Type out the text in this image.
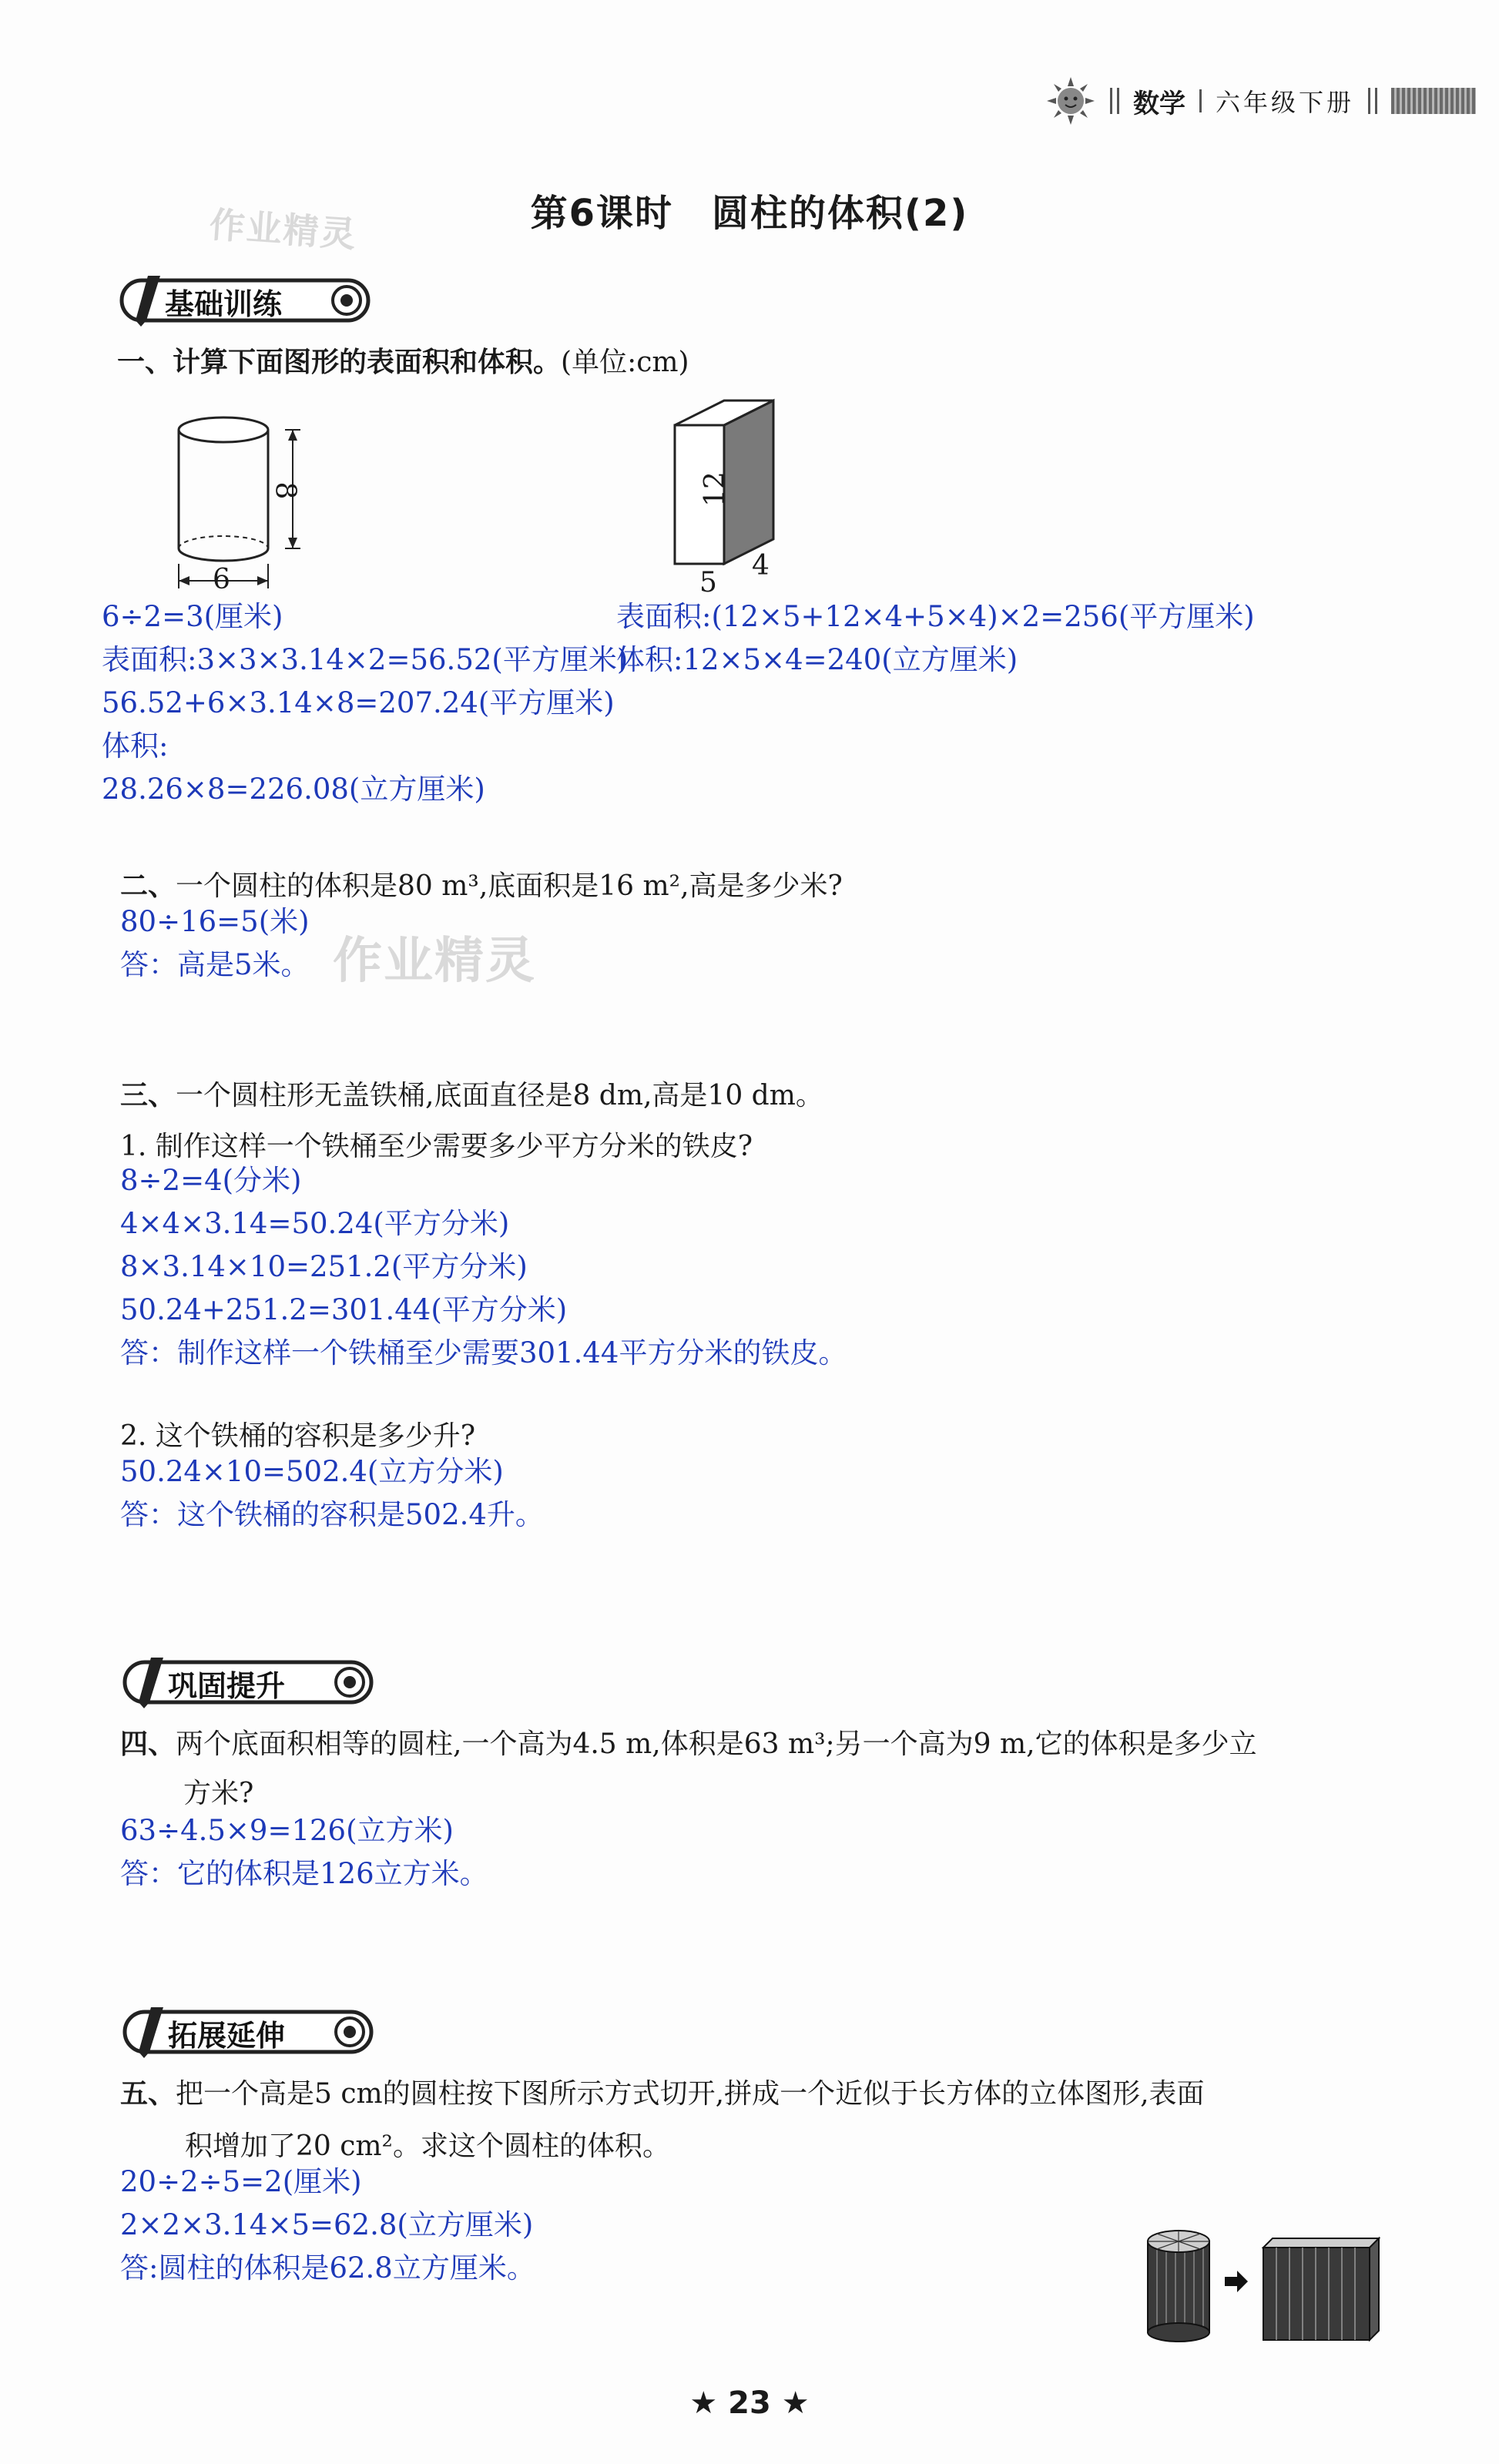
数学 六年级下册
作业精灵	第6课时　圆柱的体积(2)
基础训练
一、计算下面图形的表面积和体积。(单位:cm)
8
6
12
5
4
6÷2=3(厘米)
表面积:3×3×3.14×2=56.52(平方厘米)
56.52+6×3.14×8=207.24(平方厘米)
体积:
28.26×8=226.08(立方厘米)
表面积:(12×5+12×4+5×4)×2=256(平方厘米)
体积:12×5×4=240(立方厘米)
二、一个圆柱的体积是80 m³,底面积是16 m²,高是多少米?
80÷16=5(米)
答：高是5米。 作业精灵
三、一个圆柱形无盖铁桶,底面直径是8 dm,高是10 dm。
1. 制作这样一个铁桶至少需要多少平方分米的铁皮?
8÷2=4(分米)
4×4×3.14=50.24(平方分米)
8×3.14×10=251.2(平方分米)
50.24+251.2=301.44(平方分米)
答：制作这样一个铁桶至少需要301.44平方分米的铁皮。
2. 这个铁桶的容积是多少升?
50.24×10=502.4(立方分米)
答：这个铁桶的容积是502.4升。
巩固提升
四、两个底面积相等的圆柱,一个高为4.5 m,体积是63 m³;另一个高为9 m,它的体积是多少立
方米?
63÷4.5×9=126(立方米)
答：它的体积是126立方米。
拓展延伸
五、把一个高是5 cm的圆柱按下图所示方式切开,拼成一个近似于长方体的立体图形,表面
积增加了20 cm²。求这个圆柱的体积。
20÷2÷5=2(厘米)
2×2×3.14×5=62.8(立方厘米)
答:圆柱的体积是62.8立方厘米。
★ 23 ★
